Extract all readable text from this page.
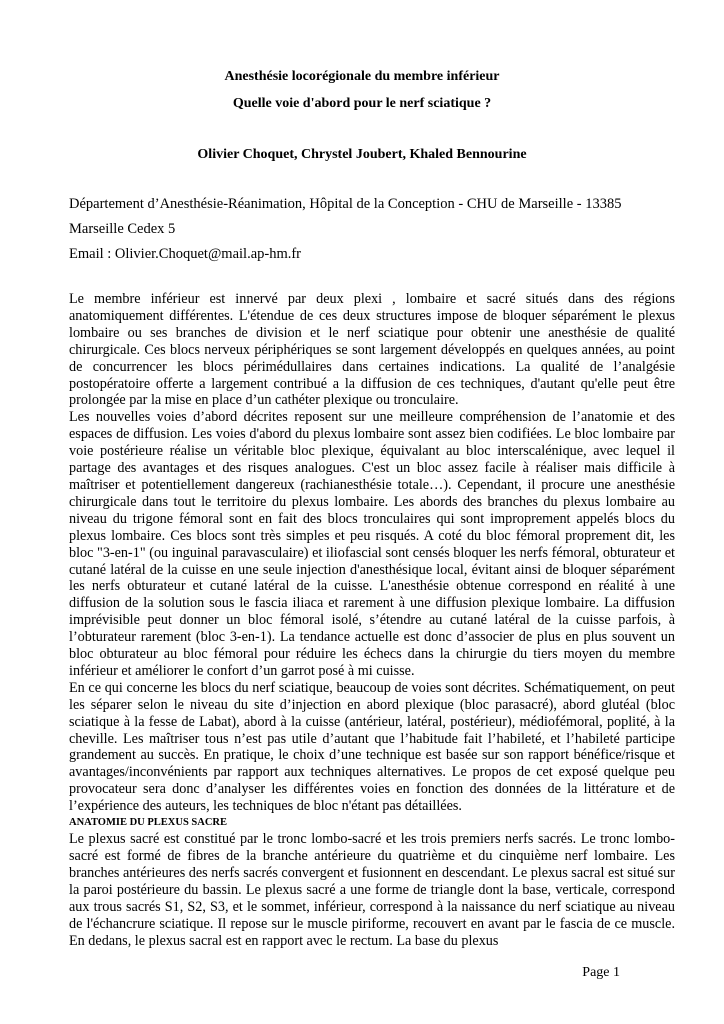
Anesthésie locorégionale du membre inférieur
Quelle voie d'abord pour le nerf sciatique ?
Olivier Choquet, Chrystel Joubert, Khaled Bennourine
Département d’Anesthésie-Réanimation, Hôpital de la Conception - CHU de Marseille - 13385
Marseille Cedex 5
Email : Olivier.Choquet@mail.ap-hm.fr

Le membre inférieur est innervé par deux plexi , lombaire et sacré situés dans des régions anatomiquement différentes. L'étendue de ces deux structures impose de bloquer séparément le plexus lombaire ou ses branches de division et le nerf sciatique pour obtenir une anesthésie de qualité chirurgicale. Ces blocs nerveux périphériques se sont largement développés en quelques années, au point de concurrencer les blocs périmédullaires dans certaines indications. La qualité de l’analgésie postopératoire offerte a largement contribué a la diffusion de ces techniques, d'autant qu'elle peut être prolongée par la mise en place d’un cathéter plexique ou tronculaire.

Les nouvelles voies d’abord décrites reposent sur une meilleure compréhension de l’anatomie et des espaces de diffusion. Les voies d'abord du plexus lombaire sont assez bien codifiées. Le bloc lombaire par voie postérieure réalise un véritable bloc plexique, équivalant au bloc interscalénique, avec lequel il partage des avantages et des risques analogues. C'est un bloc assez facile à réaliser mais difficile à maîtriser et potentiellement dangereux (rachianesthésie totale…). Cependant, il procure une anesthésie chirurgicale dans tout le territoire du plexus lombaire. Les abords des branches du plexus lombaire au niveau du trigone fémoral sont en fait des blocs tronculaires qui sont improprement appelés blocs du plexus lombaire. Ces blocs sont très simples et peu risqués. A coté du bloc fémoral proprement dit, les bloc "3-en-1" (ou inguinal paravasculaire) et iliofascial sont censés bloquer les nerfs fémoral, obturateur et cutané latéral de la cuisse en une seule injection d'anesthésique local, évitant ainsi de bloquer séparément les nerfs obturateur et cutané latéral de la cuisse. L'anesthésie obtenue correspond en réalité à une diffusion de la solution sous le fascia iliaca et rarement à une diffusion plexique lombaire. La diffusion imprévisible peut donner un bloc fémoral isolé, s’étendre au cutané latéral de la cuisse parfois, à l’obturateur rarement (bloc 3-en-1). La tendance actuelle est donc d’associer de plus en plus souvent un bloc obturateur au bloc fémoral pour réduire les échecs dans la chirurgie du tiers moyen du membre inférieur et améliorer le confort d’un garrot posé à mi cuisse.

En ce qui concerne les blocs du nerf sciatique, beaucoup de voies sont décrites. Schématiquement, on peut les séparer selon le niveau du site d’injection en abord plexique (bloc parasacré), abord glutéal (bloc sciatique à la fesse de Labat), abord à la cuisse (antérieur, latéral, postérieur), médiofémoral, poplité, à la cheville. Les maîtriser tous n’est pas utile d’autant que l’habitude fait l’habileté, et l’habileté participe grandement au succès. En pratique, le choix d’une technique est basée sur son rapport bénéfice/risque et avantages/inconvénients par rapport aux techniques alternatives. Le propos de cet exposé quelque peu provocateur sera donc d’analyser les différentes voies en fonction des données de la littérature et de l’expérience des auteurs, les techniques de bloc n'étant pas détaillées.

ANATOMIE DU PLEXUS SACRE

Le plexus sacré est constitué par le tronc lombo-sacré et les trois premiers nerfs sacrés. Le tronc lombo-sacré est formé de fibres de la branche antérieure du quatrième et du cinquième nerf lombaire. Les branches antérieures des nerfs sacrés convergent et fusionnent en descendant. Le plexus sacral est situé sur la paroi postérieure du bassin. Le plexus sacré a une forme de triangle dont la base, verticale, correspond aux trous sacrés S1, S2, S3, et le sommet, inférieur, correspond à la naissance du nerf sciatique au niveau de l'échancrure sciatique. Il repose sur le muscle piriforme, recouvert en avant par le fascia de ce muscle. En dedans, le plexus sacral est en rapport avec le rectum. La base du plexus

Page 1
